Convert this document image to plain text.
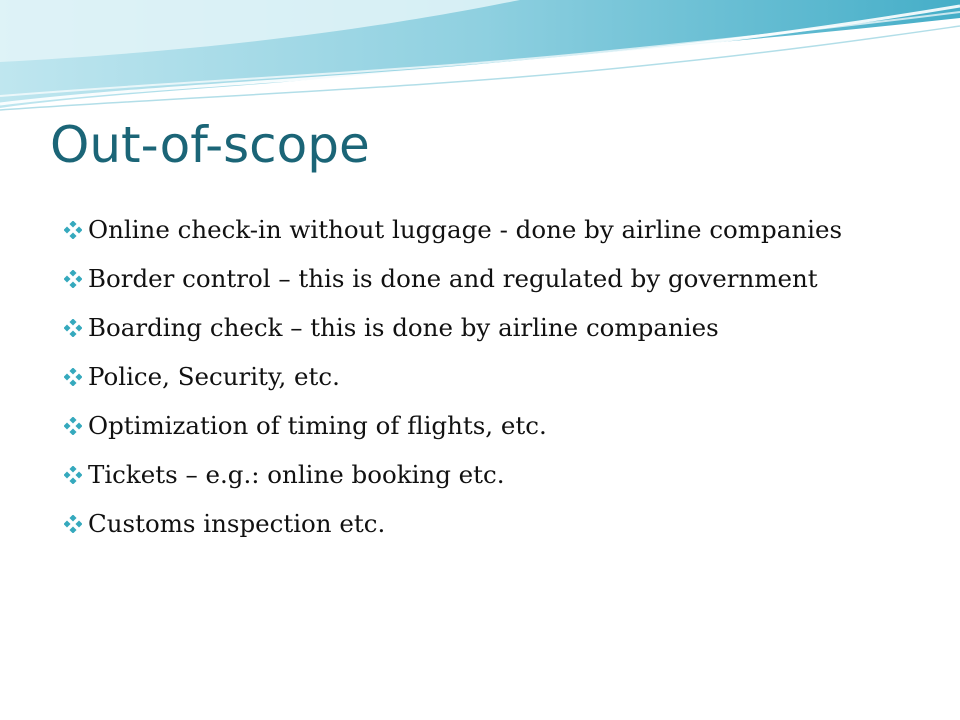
Out-of-scope
Online check-in without luggage - done by airline companies
Border control – this is done and regulated by government
Boarding check – this is done by airline companies
Police, Security, etc.
Optimization of timing of flights, etc.
Tickets – e.g.: online booking etc.
Customs inspection etc.
